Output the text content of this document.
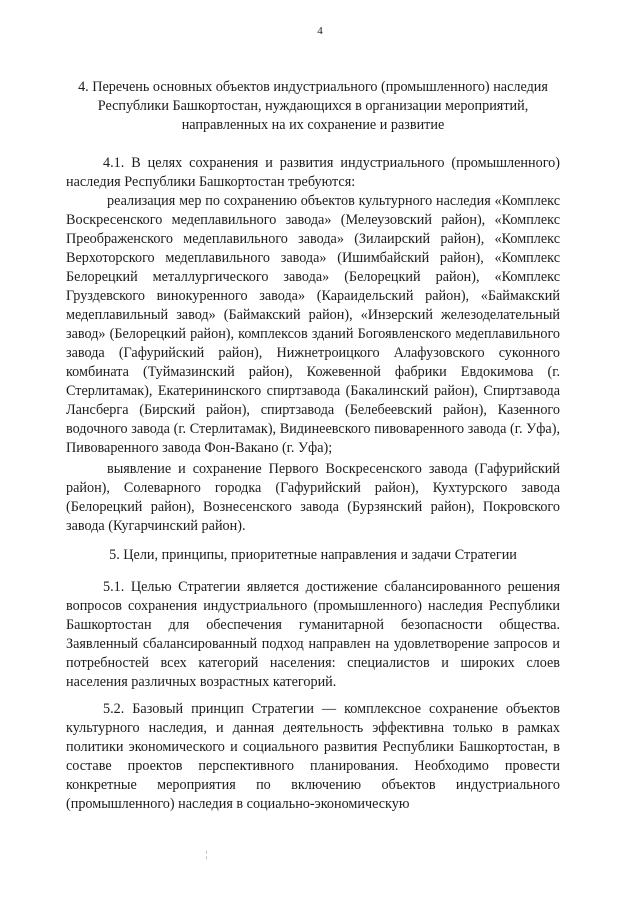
4
4. Перечень основных объектов индустриального (промышленного) наследия Республики Башкортостан, нуждающихся в организации мероприятий, направленных на их сохранение и развитие

4.1. В целях сохранения и развития индустриального (промышленного) наследия Республики Башкортостан требуются:

реализация мер по сохранению объектов культурного наследия «Комплекс Воскресенского медеплавильного завода» (Мелеузовский район), «Комплекс Преображенского медеплавильного завода» (Зилаирский район), «Комплекс Верхоторского медеплавильного завода» (Ишимбайский район), «Комплекс Белорецкий металлургического завода» (Белорецкий район), «Комплекс Груздевского винокуренного завода» (Караидельский район), «Баймакский медеплавильный завод» (Баймакский район), «Инзерский железоделательный завод» (Белорецкий район), комплексов зданий Богоявленского медеплавильного завода (Гафурийский район), Нижнетроицкого Алафузовского суконного комбината (Туймазинский район), Кожевенной фабрики Евдокимова (г. Стерлитамак), Екатерининского спиртзавода (Бакалинский район), Спиртзавода Лансберга (Бирский район), спиртзавода (Белебеевский район), Казенного водочного завода (г. Стерлитамак), Видинеевского пивоваренного завода (г. Уфа), Пивоваренного завода Фон-Вакано (г. Уфа);

выявление и сохранение Первого Воскресенского завода (Гафурийский район), Солеварного городка (Гафурийский район), Кухтурского завода (Белорецкий район), Вознесенского завода (Бурзянский район), Покровского завода (Кугарчинский район).

5. Цели, принципы, приоритетные направления и задачи Стратегии

5.1. Целью Стратегии является достижение сбалансированного решения вопросов сохранения индустриального (промышленного) наследия Республики Башкортостан для обеспечения гуманитарной безопасности общества. Заявленный сбалансированный подход направлен на удовлетворение запросов и потребностей всех категорий населения: специалистов и широких слоев населения различных возрастных категорий.

5.2. Базовый принцип Стратегии — комплексное сохранение объектов культурного наследия, и данная деятельность эффективна только в рамках политики экономического и социального развития Республики Башкортостан, в составе проектов перспективного планирования. Необходимо провести конкретные мероприятия по включению объектов индустриального (промышленного) наследия в социально-экономическую

¦
